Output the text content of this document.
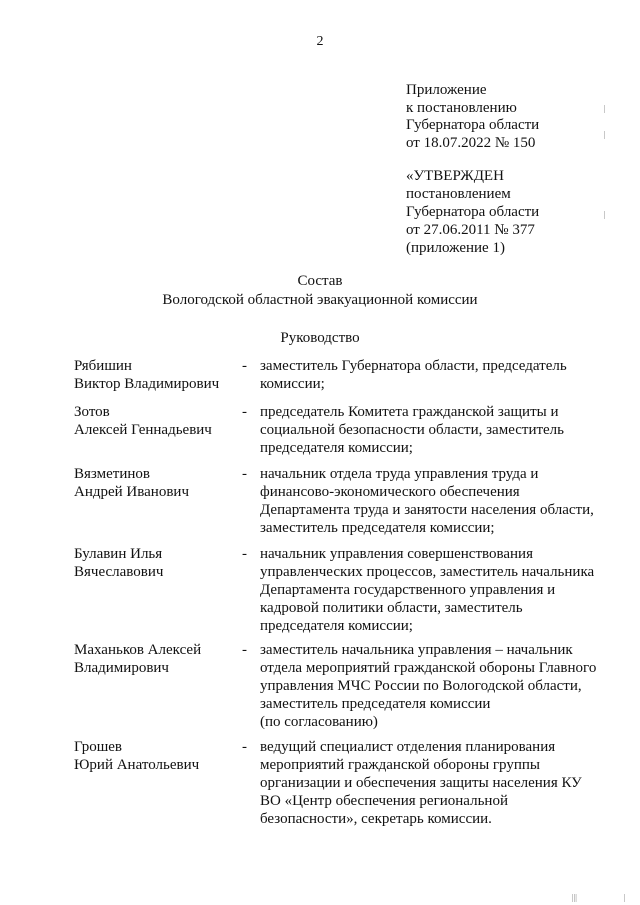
2
Приложение
к постановлению
Губернатора области
от 18.07.2022 № 150
«УТВЕРЖДЕН
постановлением
Губернатора области
от 27.06.2011 № 377
(приложение 1)
Состав
Вологодской областной эвакуационной комиссии
Руководство
Рябишин
Виктор Владимирович
- заместитель Губернатора области, председатель
комиссии;
Зотов
Алексей Геннадьевич
- председатель Комитета гражданской защиты и
социальной безопасности области, заместитель
председателя комиссии;
Вязметинов
Андрей Иванович
- начальник отдела труда управления труда и
финансово-экономического обеспечения
Департамента труда и занятости населения области,
заместитель председателя комиссии;
Булавин Илья
Вячеславович
- начальник управления совершенствования
управленческих процессов, заместитель начальника
Департамента государственного управления и
кадровой политики области, заместитель
председателя комиссии;
Маханьков Алексей
Владимирович
- заместитель начальника управления – начальник
отдела мероприятий гражданской обороны Главного
управления МЧС России по Вологодской области,
заместитель председателя комиссии
(по согласованию)
Грошев
Юрий Анатольевич
- ведущий специалист отделения планирования
мероприятий гражданской обороны группы
организации и обеспечения защиты населения КУ
ВО «Центр обеспечения региональной
безопасности», секретарь комиссии.
|
|
|
|||	|
